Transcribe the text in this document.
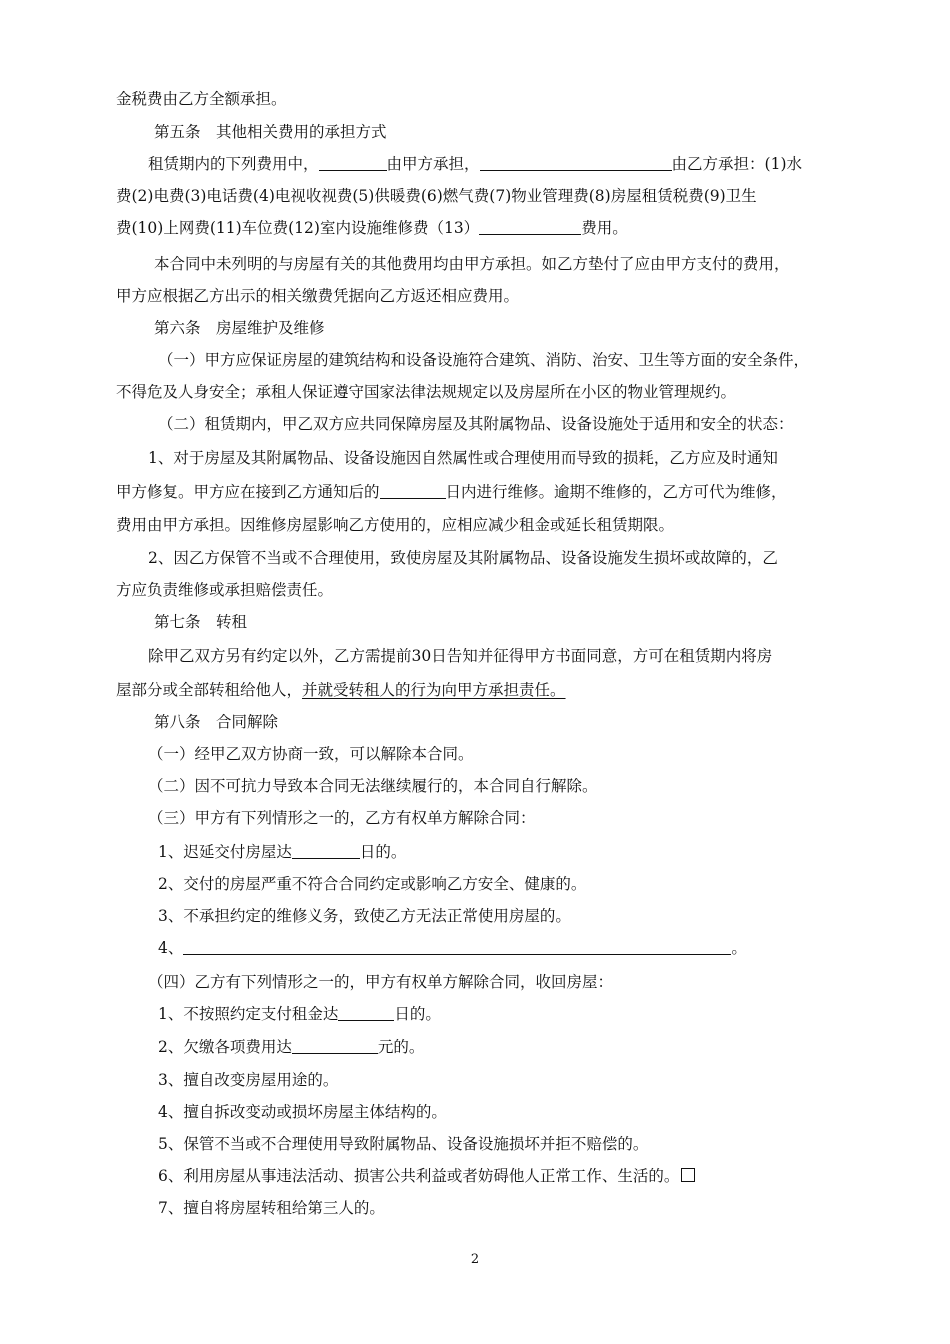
金税费由乙方全额承担。
第五条　其他相关费用的承担方式
租赁期内的下列费用中，	由甲方承担，	由乙方承担：(1)水
费(2)电费(3)电话费(4)电视收视费(5)供暖费(6)燃气费(7)物业管理费(8)房屋租赁税费(9)卫生
费(10)上网费(11)车位费(12)室内设施维修费（13）	费用。
本合同中未列明的与房屋有关的其他费用均由甲方承担。如乙方垫付了应由甲方支付的费用，
甲方应根据乙方出示的相关缴费凭据向乙方返还相应费用。
第六条　房屋维护及维修
（一）甲方应保证房屋的建筑结构和设备设施符合建筑、消防、治安、卫生等方面的安全条件，
不得危及人身安全；承租人保证遵守国家法律法规规定以及房屋所在小区的物业管理规约。
（二）租赁期内，甲乙双方应共同保障房屋及其附属物品、设备设施处于适用和安全的状态：
1、对于房屋及其附属物品、设备设施因自然属性或合理使用而导致的损耗，乙方应及时通知
甲方修复。甲方应在接到乙方通知后的	日内进行维修。逾期不维修的，乙方可代为维修，
费用由甲方承担。因维修房屋影响乙方使用的，应相应减少租金或延长租赁期限。
2、因乙方保管不当或不合理使用，致使房屋及其附属物品、设备设施发生损坏或故障的，乙
方应负责维修或承担赔偿责任。
第七条　转租
除甲乙双方另有约定以外，乙方需提前30日告知并征得甲方书面同意，方可在租赁期内将房
屋部分或全部转租给他人，并就受转租人的行为向甲方承担责任。
第八条　合同解除
（一）经甲乙双方协商一致，可以解除本合同。
（二）因不可抗力导致本合同无法继续履行的，本合同自行解除。
（三）甲方有下列情形之一的，乙方有权单方解除合同：
1、迟延交付房屋达	日的。
2、交付的房屋严重不符合合同约定或影响乙方安全、健康的。
3、不承担约定的维修义务，致使乙方无法正常使用房屋的。
4、	。
（四）乙方有下列情形之一的，甲方有权单方解除合同，收回房屋：
1、不按照约定支付租金达	日的。
2、欠缴各项费用达	元的。
3、擅自改变房屋用途的。
4、擅自拆改变动或损坏房屋主体结构的。
5、保管不当或不合理使用导致附属物品、设备设施损坏并拒不赔偿的。
6、利用房屋从事违法活动、损害公共利益或者妨碍他人正常工作、生活的。
7、擅自将房屋转租给第三人的。
2
